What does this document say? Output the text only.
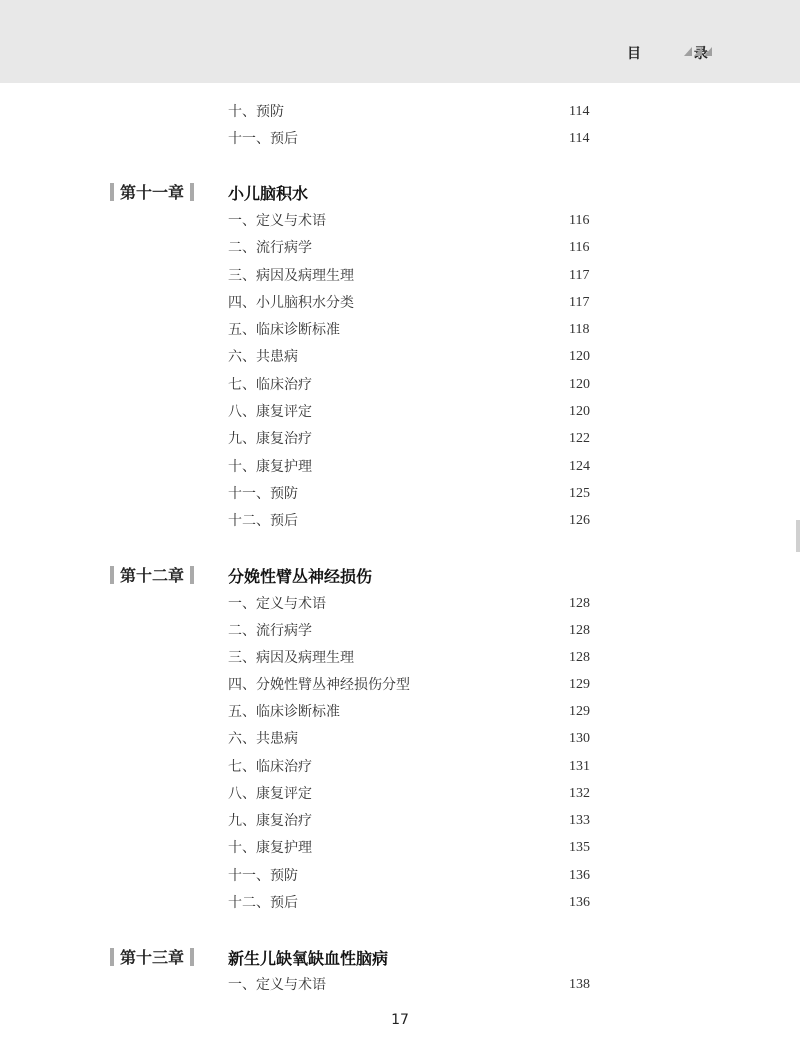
目 录
十、预防	114
十一、预后	114
第十一章	小儿脑积水
一、定义与术语	116
二、流行病学	116
三、病因及病理生理	117
四、小儿脑积水分类	117
五、临床诊断标准	118
六、共患病	120
七、临床治疗	120
八、康复评定	120
九、康复治疗	122
十、康复护理	124
十一、预防	125
十二、预后	126
第十二章	分娩性臂丛神经损伤
一、定义与术语	128
二、流行病学	128
三、病因及病理生理	128
四、分娩性臂丛神经损伤分型	129
五、临床诊断标准	129
六、共患病	130
七、临床治疗	131
八、康复评定	132
九、康复治疗	133
十、康复护理	135
十一、预防	136
十二、预后	136
第十三章	新生儿缺氧缺血性脑病
一、定义与术语	138
17
